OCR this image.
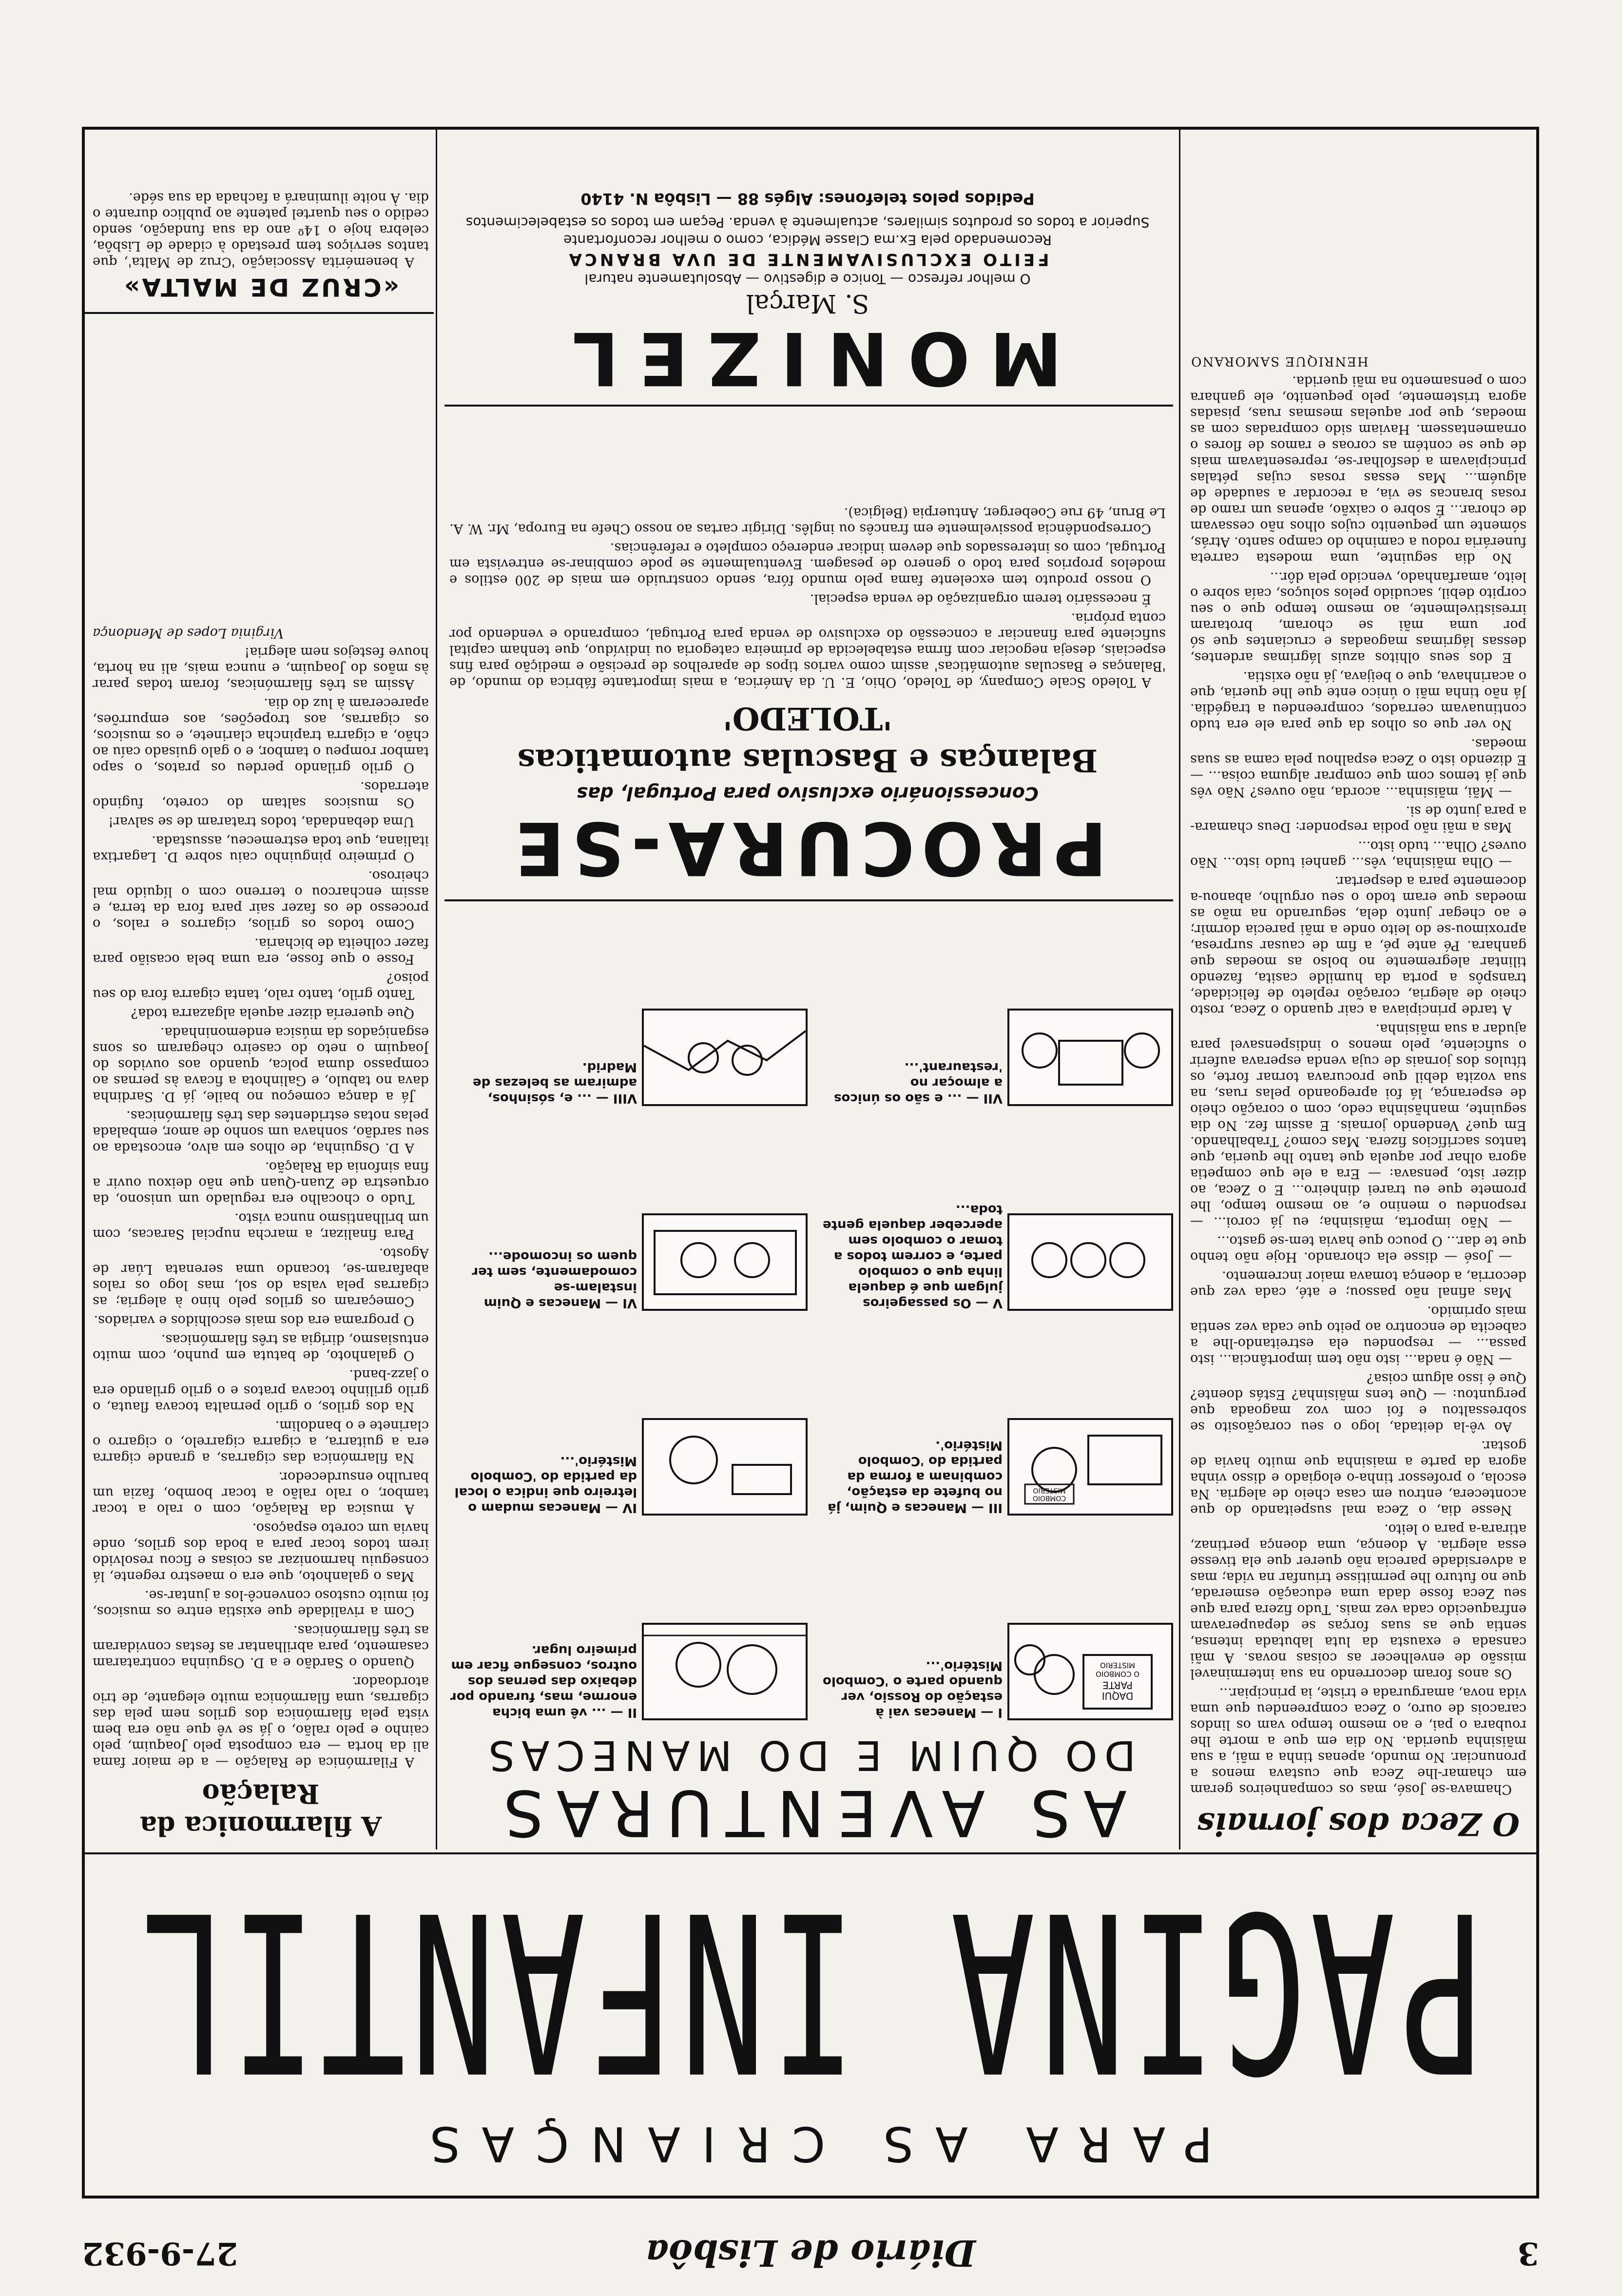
3
Diário de Lisbôa
27-9-932
PARA AS CRIANÇAS
PAGINA INFANTIL
O Zeca dos jornais

Chamava-se José, mas os companheiros geram em chamar-lhe Zeca que custava menos a pronunciar. No mundo, apenas tinha a mãi, a sua mãisinha querida. No dia em que a morte lhe roubara o pai, e ao mesmo tempo vam os lindos caracois de ouro, o Zeca compreendeu que uma vida nova, amargurada e triste, ia principiar...

Os anos foram decorrendo na sua interminavel missão de envelhecer as coisas novas. A mãi cansada e exausta da luta labutada intensa, sentia que as suas forças se depauperavam enfraquecido cada vez mais. Tudo fizera para que seu Zeca fosse dada uma educação esmerada, que no futuro lhe permitisse triunfar na vida; mas a adversidade parecia não querer que ela tivesse essa alegria. A doença, uma doença pertinaz, atirara-a para o leito.

Nesse dia, o Zeca mal suspeitando do que acontecera, entrou em casa cheio de alegria. Na escola, o professor tinha-o elogiado e disso vinha agora da parte a maisinha que muito havia de gostar.

Ao vê-la deitada, logo o seu coraçãosito se sobressaltou e foi com voz magoada que perguntou: — Que tens mãisinha? Estás doente? Que é isso algum coisa?

— Não é nada... isto não tem importância... isto passa... — respondeu ela estreitando-lhe a cabecita de encontro ao peito que cada vez sentia mais oprimido.

Mas afinal não passou; e até, cada vez que decorria, a doença tomava maior incremento.

— José — disse ela chorando. Hoje não tenho que te dar... O pouco que havia tem-se gasto...

— Não importa, mãisinha; eu já coroi... — respondeu o menino e, ao mesmo tempo, lhe promete que eu trarei dinheiro... E o Zeca, ao dizer isto, pensava: — Era a ele que competia agora olhar por aquela que tanto lhe queria, que tantos sacrifícios fizera. Mas como? Trabalhando. Em que? Vendendo jornais. E assim fez. No dia seguinte, manhãsinha cedo, com o coração cheio de esperança, lá foi apregoando pelas ruas, na sua vozita debil que procurava tornar forte, os títulos dos jornais de cuja venda esperava auferir o suficiente, pelo menos o indispensavel para ajudar a sua mãisinha.

A tarde principiava a cair quando o Zeca, rosto cheio de alegria, coração repleto de felicidade, transpôs a porta da humilde casita, fazendo tilintar alegremente no bolso as moedas que ganhara. Pé ante pé, a fim de causar surpresa, aproximou-se do leito onde a mãi parecia dormir; e ao chegar junto dela, segurando na mão as moedas que eram todo o seu orgulho, abanou-a docemente para a despertar.

— Olha mãisinha, vês... ganhei tudo isto... Não ouves? Olha... tudo isto...

Mas a mãi não podia responder: Deus chamara-a para junto de si.

— Mãi, mãisinha... acorda, não ouves? Não vês que já temos com que comprar alguma coisa... — E dizendo isto o Zeca espalhou pela cama as suas moedas.

No ver que os olhos da que para ele era tudo continuavam cerrados, compreendeu a tragédia. Já não tinha mãi o único ente que lhe queria, que o acarinhava, que o beijava, já não existia.

E dos seus olhitos azuis lágrimas ardentes, dessas lágrimas magoadas e cruciantes que só por uma mãi se choram, brotaram irresistivelmente, ao mesmo tempo que o seu corpito debil, sacudido pelos soluços, caía sobre o leito, amarfanhado, vencido pela dôr...

No dia seguinte, uma modesta carreta funerária rodou a caminho do campo santo. Atrás, sómente um pequenito cujos olhos não cessavam de chorar... É sobre o caixão, apenas um ramo de rosas brancas se via, a recordar a saudade de alguém... Mas essas rosas cujas pétalas principiavam a desfolhar-se, representavam mais de que se contém as coroas e ramos de flores o ornamentassem. Haviam sido compradas com as moedas, que por aquelas mesmas ruas, pisadas agora tristemente, pelo pequenito, ele ganhara com o pensamento na mãi querida.

HENRIQUE SAMORANO
AS AVENTURAS
DO QUIM E DO MANECAS
DAQUI PARTE
O COMBOIO MISTERIO
I — Manecas vai à estação do Rossio, ver quando parte o 'Combolo Mistério'...
II — ... vê uma bicha enorme, mas, furando por debaixo das pernas dos outros, consegue ficar em primeiro lugar.
COMBOIO MISTERIO
III — Manecas e Quim, já no bufete da estação, combinam a forma da partida do 'Combolo Mistério'.
IV — Manecas mudam o letreiro que indica o local da partida do 'Combolo Mistério'...
V — Os passageiros julgam que é daquela linha que o combolo parte, e correm todos a tomar o combolo sem aperceber daquela gente toda...
VI — Manecas e Quim instalam-se comodamente, sem ter quem os incomode...
VII — ... e são os únicos a almoçar no 'restaurant'...
VIII — ... e, sósinhos, admiram as belezas de Madrid.
PROCURA-SE
Concessionário exclusivo para Portugal, das
Balanças e Basculas automaticas 'TOLEDO'

A Toledo Scale Company, de Toledo, Ohio, E. U. da América, a mais importante fábrica do mundo, de 'Balanças e Basculas automáticas' assim como varios tipos de aparelhos de precisão e medição para fins especiais, deseja negociar com firma estabelecida de primeira categoria ou indivíduo, que tenham capital suficiente para financiar a concessão do exclusivo de venda para Portugal, comprando e vendendo por conta própria.

É necessário terem organização de venda especial.

O nosso produto tem excelente fama pelo mundo fóra, sendo construido em mais de 200 estilos e modelos proprios para todo o genero de pesagem. Eventualmente se pode combinar-se entrevista em Portugal, com os interessados que devem indicar endereço completo e referências.

Correspondência possivelmente em francês ou inglês. Dirigir cartas ao nosso Chefe na Europa, Mr. W. A. Le Brun, 49 rue Coeberger, Antuerpia (Belgica).

MONIZEL
S. Marçal
O melhor refresco — Tonico e digestivo — Absolutamente natural
FEITO EXCLUSIVAMENTE DE UVA BRANCA
Recomendado pela Ex.ma Classe Médica, como o melhor reconfortante
Superior a todos os produtos similares, actualmente à venda. Peçam em todos os estabelecimentos
Pedidos pelos telefones: Algés 88 — Lisbôa N. 4140
A filarmonica da Ralação

A Filarmónica de Ralação — a de maior fama ali da horta — era composta pelo Joaquim, pelo cainho e pelo ralão, o já se vê que não era bem vista pela filarmónica dos grilos nem pela das cigarras, uma filarmónica muito elegante, de trio atordoador.

Quando o Sardão e a D. Osguinha contrataram casamento, para abrilhantar as festas convidaram as três filarmónicas.

Com a rivalidade que existia entre os musicos, foi muito custoso convencê-los a juntar-se.

Mas o galanhoto, que era o maestro regente, lá conseguiu harmonizar as coisas e ficou resolvido irem todos tocar para a boda dos grilos, onde havia um coreto espaçoso.

A musica da Ralação, com o ralo a tocar tambor, o ralo ralão a tocar bombo, fazia um barulho ensurdecedor.

Na filarmónica das cigarras, a grande cigarra era a guitarra, a cigarra cigarrelo, o cigarro o clarinete e o bandolim.

Na dos grilos, o grilo pernalta tocava flauta, o grilo grilinho tocava pratos e o grilo grilando era o jazz-band.

O galanhoto, de batuta em punho, com muito entusiasmo, dirigia as três filarmónicas.

O programa era dos mais escolhidos e variados.

Começaram os grilos pelo hino à alegria; as cigarras pela valsa do sol, mas logo os ralos abafaram-se, tocando uma serenata Lúar de Agosto.

Para finalizar, a marcha nupcial Saracas, com um brilhantismo nunca visto.

Tudo o chocalho era regulado um unisono, da orquestra de Zuan-Quan que não deixou ouvir a fina sinfonia da Ralação.

A D. Osguinha, de olhos em alvo, encostada ao seu sardão, sonhava um sonho de amor, embalada pelas notas estridentes das três filarmónicas.

Já a dança começou no baile, já D. Sardinha dava no tabulo, e Galinhota a ficava às pernas ao compasso duma polca, quando aos ouvidos do Joaquim o neto do caseiro chegaram os sons esganiçados da música endemoninhada.

Que querería dizer aquela algazarra toda?

Tanto grilo, tanto ralo, tanta cigarra fora do seu poiso?

Fosse o que fosse, era uma bela ocasião para fazer colheita de bicharia.

Como todos os grilos, cigarros e ralos, o processo de os fazer sair para fora da terra, e assim encharcou o terreno com o líquido mal cheiroso.

O primeiro pinguinho caiu sobre D. Lagartixa italiana, que toda estremeceu, assustada.

Uma debandada, todos trataram de se salvar!

Os musicos saltam do coreto, fugindo aterrados.

O grilo grilando perdeu os pratos, o sapo tambor rompeu o tambor, e o galo guisado caíu ao chão, a cigarra trapincha clarinete, e os musicos, os cigarras, aos tropeções, aos empurrões, apareceram à luz do dia.

Assim as três filarmónicas, foram todas parar às mãos do Joaquim, e nunca mais, ali na horta, houve festejos nem alegria!

Virginia Lopes de Mendonça
«CRUZ DE MALTA»

A benemérita Associação 'Cruz de Malta', que tantos serviços tem prestado à cidade de Lisbôa, celebra hoje o 14º ano da sua fundação, sendo cedido o seu quartel patente ao publico durante o dia. À noite iluminará a fachada da sua séde.
